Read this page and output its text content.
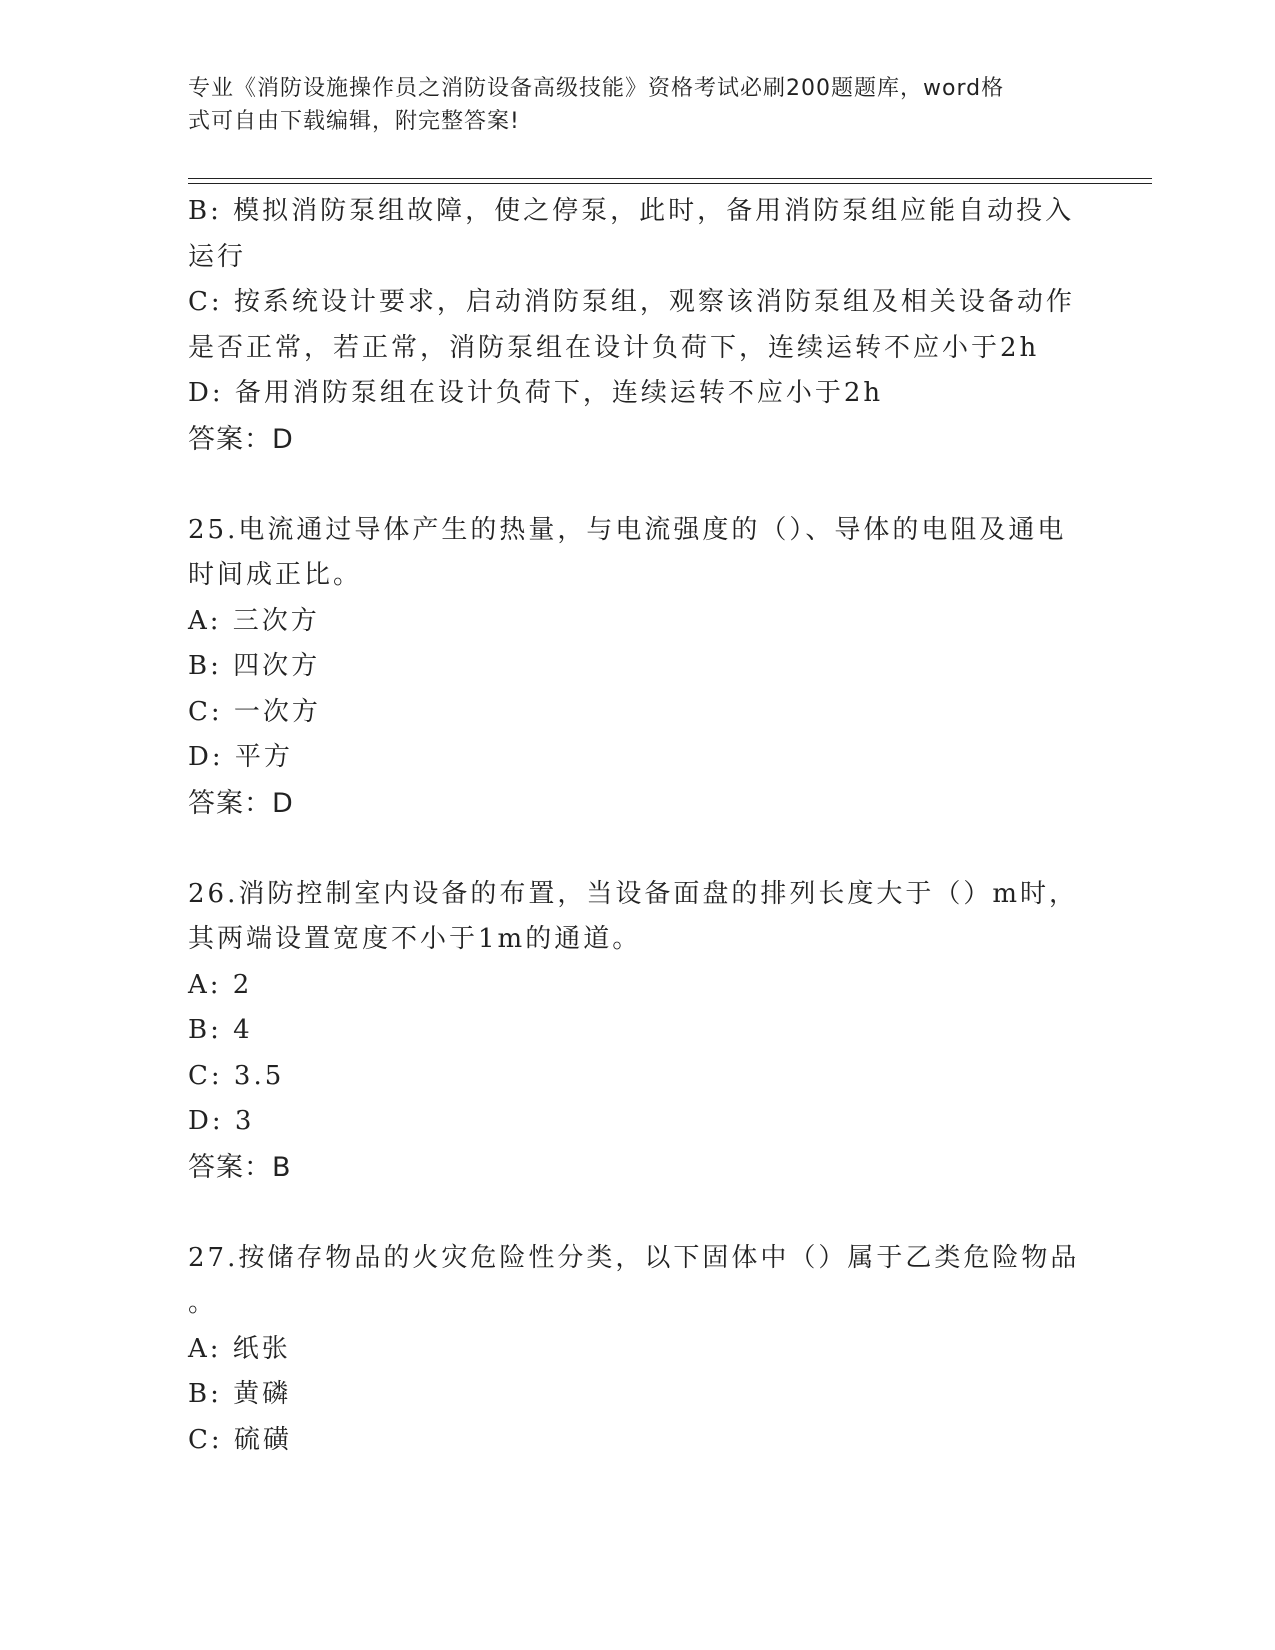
专业《消防设施操作员之消防设备高级技能》资格考试必刷200题题库，word格
式可自由下载编辑，附完整答案!
B: 模拟消防泵组故障，使之停泵，此时，备用消防泵组应能自动投入
运行
C: 按系统设计要求，启动消防泵组，观察该消防泵组及相关设备动作
是否正常，若正常，消防泵组在设计负荷下，连续运转不应小于2h
D: 备用消防泵组在设计负荷下，连续运转不应小于2h
答案：D
25.电流通过导体产生的热量，与电流强度的（）、导体的电阻及通电
时间成正比。
A: 三次方
B: 四次方
C: 一次方
D: 平方
答案：D
26.消防控制室内设备的布置，当设备面盘的排列长度大于（）m时，
其两端设置宽度不小于1m的通道。
A: 2
B: 4
C: 3.5
D: 3
答案：B
27.按储存物品的火灾危险性分类，以下固体中（）属于乙类危险物品
。
A: 纸张
B: 黄磷
C: 硫磺
